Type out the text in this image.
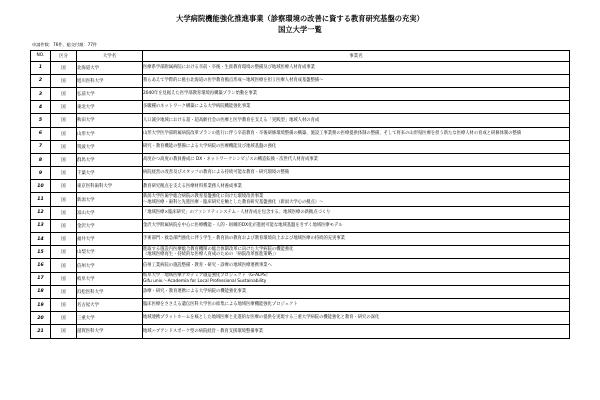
大学病院機能強化推進事業（診察環境の改善に資する教育研究基盤の充実）
国立大学一覧
申請件数：76件、総交付額：77件
NO.	区分	大学名	事業名
1	国	北海道大学	医療系学部附属病院における卒前・卒後・生涯教育環境の整備及び地域医療人材育成事業
2	国	旭川医科大学	我らあえて学際的に挑む北海道の医学教育拠点形成～地域医療を担う医療人材育成基盤整備～
3	国	弘前大学	2040年を見据えた医学部教育環境再構築プラン始動を事業
4	国	東北大学	多職種のネットワーク構築による大学病院機能強化事業
5	国	秋田大学	人口減少地域における超・超高齢社会の医療と医学教育を支える「実践型」地域人材の育成
6	国	山形大学	山形大学医学部附属病院改革プランの進行に伴う卒前教育・卒後研修環境整備の構築、施設工事業務の医療提供体制の整備、そして将来の山形県医療を担う新たな医療人材の育成と研修体制の整備
7	国	筑波大学	研究・教育機能の整備による大学病院の医療機能及び地域基盤の強化
8	国	群馬大学	高度かつ高度の教員養成に DX・ネットワークシンビジスの構造転換・次世代人材育成事業
9	国	千葉大学	病院経営の改善及びスタッフの教育による持続可能な教育・研究環境の整備
10	国	東京医科歯科大学	教育研究拠点を支える医療材料系業務人材養成事業
11	国	新潟大学	新潟大学医歯学総合病院の教育基盤強化に向けた環境改善事業
～地域医療・歯科と先進医療・臨床研究を軸とした教育研究基盤強化（新潟大学心の拠点）～

12	国	富山大学	「地域医療×臨床研究」のファシリティシステム・人材育成を包含する、地域医療の新拠点づくり
13	国	金沢大学	金沢大学附属病院を中心に医療機能・人的・組織的DX化が進展可能な地域基盤をきずく地域医療モデル
14	国	福井大学	手術部門・救急部門強化に伴う学生・教育員の教育および教育環境向上および地域医療の持続的充実事業
15	国	山梨大学	進取する施設内医療総合教育機関の総合体制改革に向けた大学病院の機能強化
（地域医療再生・持続的な医療人育成のための「病院改革推進策略」）

16	国	信州大学	信州工業病院の施設整備・教育・研究・診療の地域医療連携事業へ
17	国	岐阜大学	岐阜大学「地域医療アカデミア創造強化プロジェクト（G-ALPS）
Gifu univ.～Academia for Local Professional Sustainability

18	国	浜松医科大学	診療・研究・教育連携による大学病院の機能強化事業
19	国	名古屋大学	臨床医療をささえる遺伝医科大学医の結集による地域医療機能強化プロジェクト
20	国	三重大学	地域連携プラットホームを核とした地域医療と先進的な医療の提供を実現する三重大学病院の機能強化と教育・研究の深化
21	国	滋賀医科大学	地域ハブアンドスポーク型の病院経営・教育支援環境整備事業
